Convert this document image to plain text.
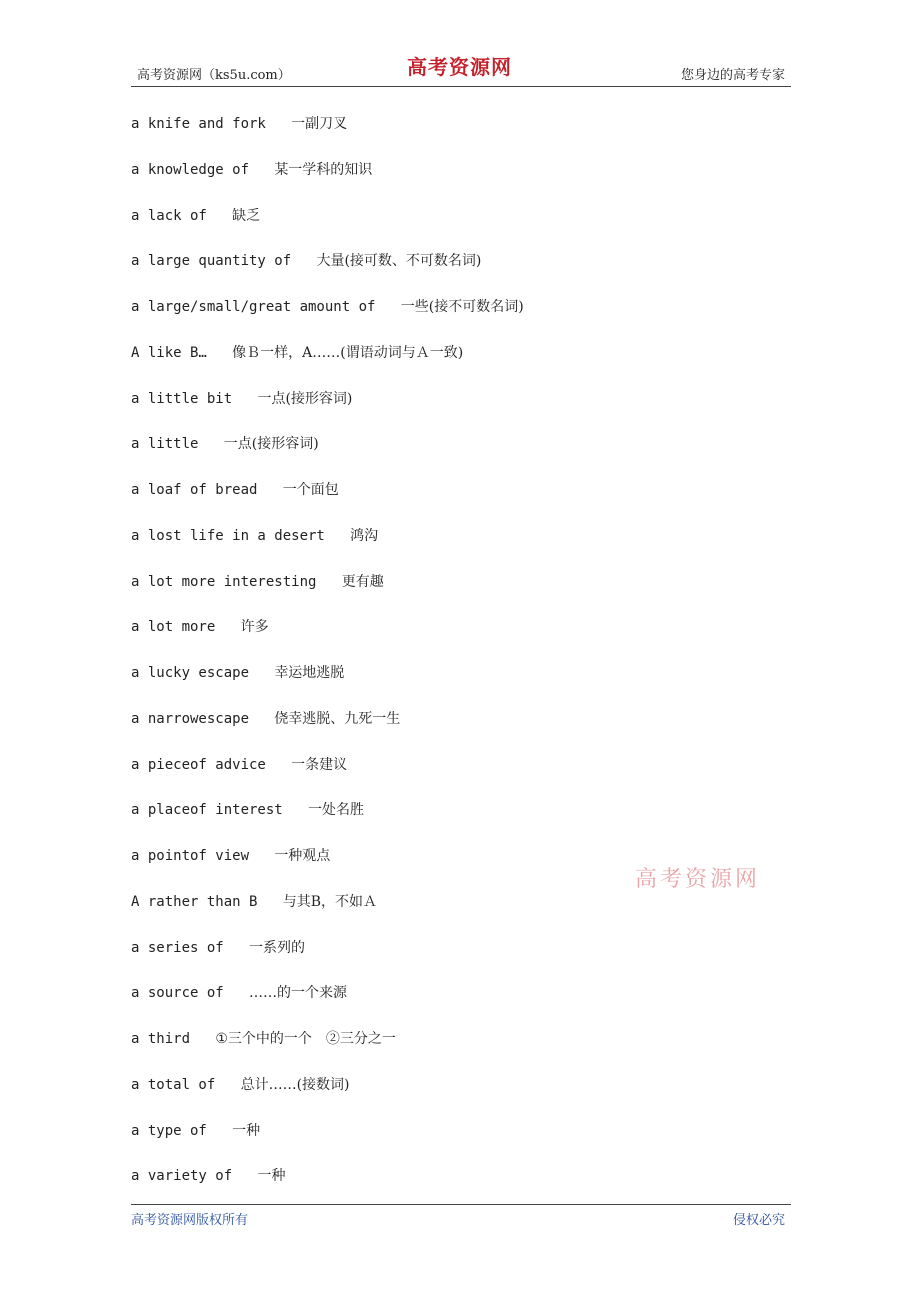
高考资源网（ks5u.com）	高考资源网	您身边的高考专家
a knife and fork 一副刀叉
a knowledge of 某一学科的知识
a lack of 缺乏
a large quantity of 大量(接可数、不可数名词)
a large/small/great amount of 一些(接不可数名词)
A like B… 像Ｂ一样，A……(谓语动词与Ａ一致)
a little bit 一点(接形容词)
a little 一点(接形容词)
a loaf of bread 一个面包
a lost life in a desert 鸿沟
a lot more interesting 更有趣
a lot more 许多
a lucky escape 幸运地逃脱
a narrowescape 侥幸逃脱、九死一生
a pieceof advice 一条建议
a placeof interest 一处名胜
a pointof view 一种观点
A rather than B 与其B，不如Ａ
a series of 一系列的
a source of ……的一个来源
a third ①三个中的一个　②三分之一
a total of 总计……(接数词)
a type of 一种
a variety of 一种
高考资源网
高考资源网版权所有	侵权必究
